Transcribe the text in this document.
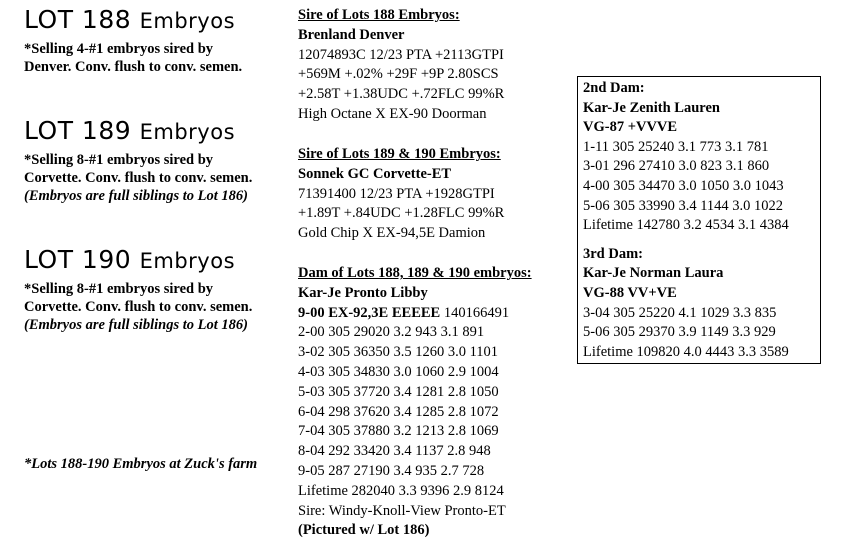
LOT 188 Embryos
*Selling 4-#1 embryos sired by
Denver. Conv. flush to conv. semen.
LOT 189 Embryos
*Selling 8-#1 embryos sired by
Corvette. Conv. flush to conv. semen.
(Embryos are full siblings to Lot 186)
LOT 190 Embryos
*Selling 8-#1 embryos sired by
Corvette. Conv. flush to conv. semen.
(Embryos are full siblings to Lot 186)
*Lots 188-190 Embryos at Zuck's farm
Sire of Lots 188 Embryos:
Brenland Denver
12074893C 12/23 PTA +2113GTPI
+569M +.02% +29F +9P 2.80SCS
+2.58T +1.38UDC +.72FLC 99%R
High Octane X EX-90 Doorman
Sire of Lots 189 & 190 Embryos:
Sonnek GC Corvette-ET
71391400 12/23 PTA +1928GTPI
+1.89T +.84UDC +1.28FLC 99%R
Gold Chip X EX-94,5E Damion
Dam of Lots 188, 189 & 190 embryos:
Kar-Je Pronto Libby
9-00 EX-92,3E EEEEE 140166491
2-00 305 29020 3.2 943 3.1 891
3-02 305 36350 3.5 1260 3.0 1101
4-03 305 34830 3.0 1060 2.9 1004
5-03 305 37720 3.4 1281 2.8 1050
6-04 298 37620 3.4 1285 2.8 1072
7-04 305 37880 3.2 1213 2.8 1069
8-04 292 33420 3.4 1137 2.8 948
9-05 287 27190 3.4 935 2.7 728
Lifetime 282040 3.3 9396 2.9 8124
Sire: Windy-Knoll-View Pronto-ET
(Pictured w/ Lot 186)
2nd Dam:
Kar-Je Zenith Lauren
VG-87 +VVVE
1-11 305 25240 3.1 773 3.1 781
3-01 296 27410 3.0 823 3.1 860
4-00 305 34470 3.0 1050 3.0 1043
5-06 305 33990 3.4 1144 3.0 1022
Lifetime 142780 3.2 4534 3.1 4384
3rd Dam:
Kar-Je Norman Laura
VG-88 VV+VE
3-04 305 25220 4.1 1029 3.3 835
5-06 305 29370 3.9 1149 3.3 929
Lifetime 109820 4.0 4443 3.3 3589
